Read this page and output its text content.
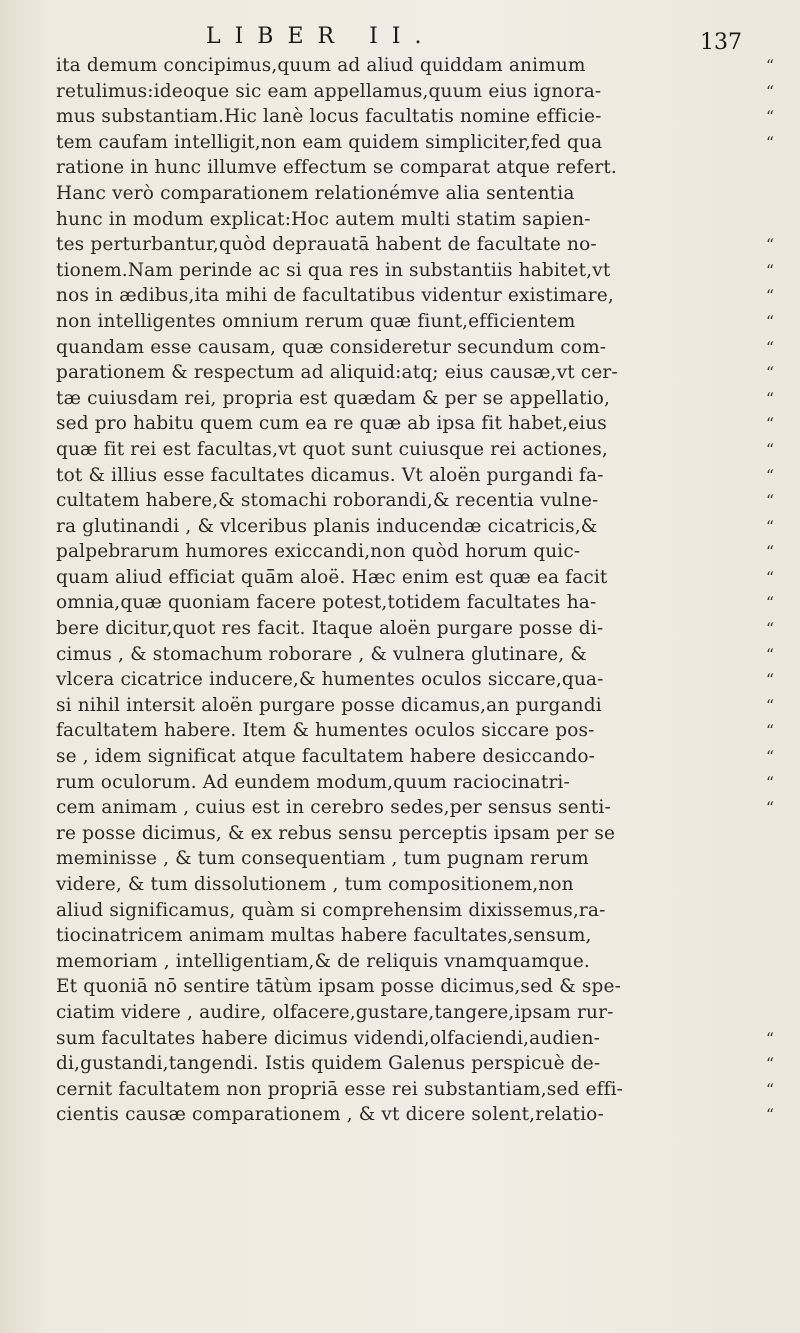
LIBER II.	137
ita demum concipimus,quum ad aliud quiddam animum	“
retulimus:ideoque sic eam appellamus,quum eius ignora-	“
mus substantiam.Hic lanè locus facultatis nomine efficie-	“
tem caufam intelligit,non eam quidem simpliciter,fed qua	“
ratione in hunc illumve effectum se comparat atque refert.
Hanc verò comparationem relationémve alia sententia
hunc in modum explicat:Hoc autem multi statim sapien-
tes perturbantur,quòd deprauatā habent de facultate no-	“
tionem.Nam perinde ac si qua res in substantiis habitet,vt	“
nos in ædibus,ita mihi de facultatibus videntur existimare,	“
non intelligentes omnium rerum quæ fiunt,efficientem	“
quandam esse causam, quæ consideretur secundum com-	“
parationem & respectum ad aliquid:atq; eius causæ,vt cer-	“
tæ cuiusdam rei, propria est quædam & per se appellatio,	“
sed pro habitu quem cum ea re quæ ab ipsa fit habet,eius	“
quæ fit rei est facultas,vt quot sunt cuiusque rei actiones,	“
tot & illius esse facultates dicamus. Vt aloën purgandi fa-	“
cultatem habere,& stomachi roborandi,& recentia vulne-	“
ra glutinandi , & vlceribus planis inducendæ cicatricis,&	“
palpebrarum humores exiccandi,non quòd horum quic-	“
quam aliud efficiat quā̄m aloë. Hæc enim est quæ ea facit	“
omnia,quæ quoniam facere potest,totidem facultates ha-	“
bere dicitur,quot res facit. Itaque aloën purgare posse di-	“
cimus , & stomachum roborare , & vulnera glutinare, &	“
vlcera cicatrice inducere,& humentes oculos siccare,qua-	“
si nihil intersit aloën purgare posse dicamus,an purgandi	“
facultatem habere. Item & humentes oculos siccare pos-	“
se , idem significat atque facultatem habere desiccando-	“
rum oculorum. Ad eundem modum,quum raciocinatri-	“
cem animam , cuius est in cerebro sedes,per sensus senti-	“
re posse dicimus, & ex rebus sensu perceptis ipsam per se
meminisse , & tum consequentiam , tum pugnam rerum
videre, & tum dissolutionem , tum compositionem,non
aliud significamus, quàm si comprehensim dixissemus,ra-
tiocinatricem animam multas habere facultates,sensum,
memoriam , intelligentiam,& de reliquis vnamquamque.
Et quoniā nō sentire tātùm ipsam posse dicimus,sed & spe-
ciatim videre , audire, olfacere,gustare,tangere,ipsam rur-
sum facultates habere dicimus videndi,olfaciendi,audien-	“
di,gustandi,tangendi. Istis quidem Galenus perspicuè de-	“
cernit facultatem non propriā esse rei substantiam,sed effi-	“
cientis causæ comparationem , & vt dicere solent,relatio-	“
